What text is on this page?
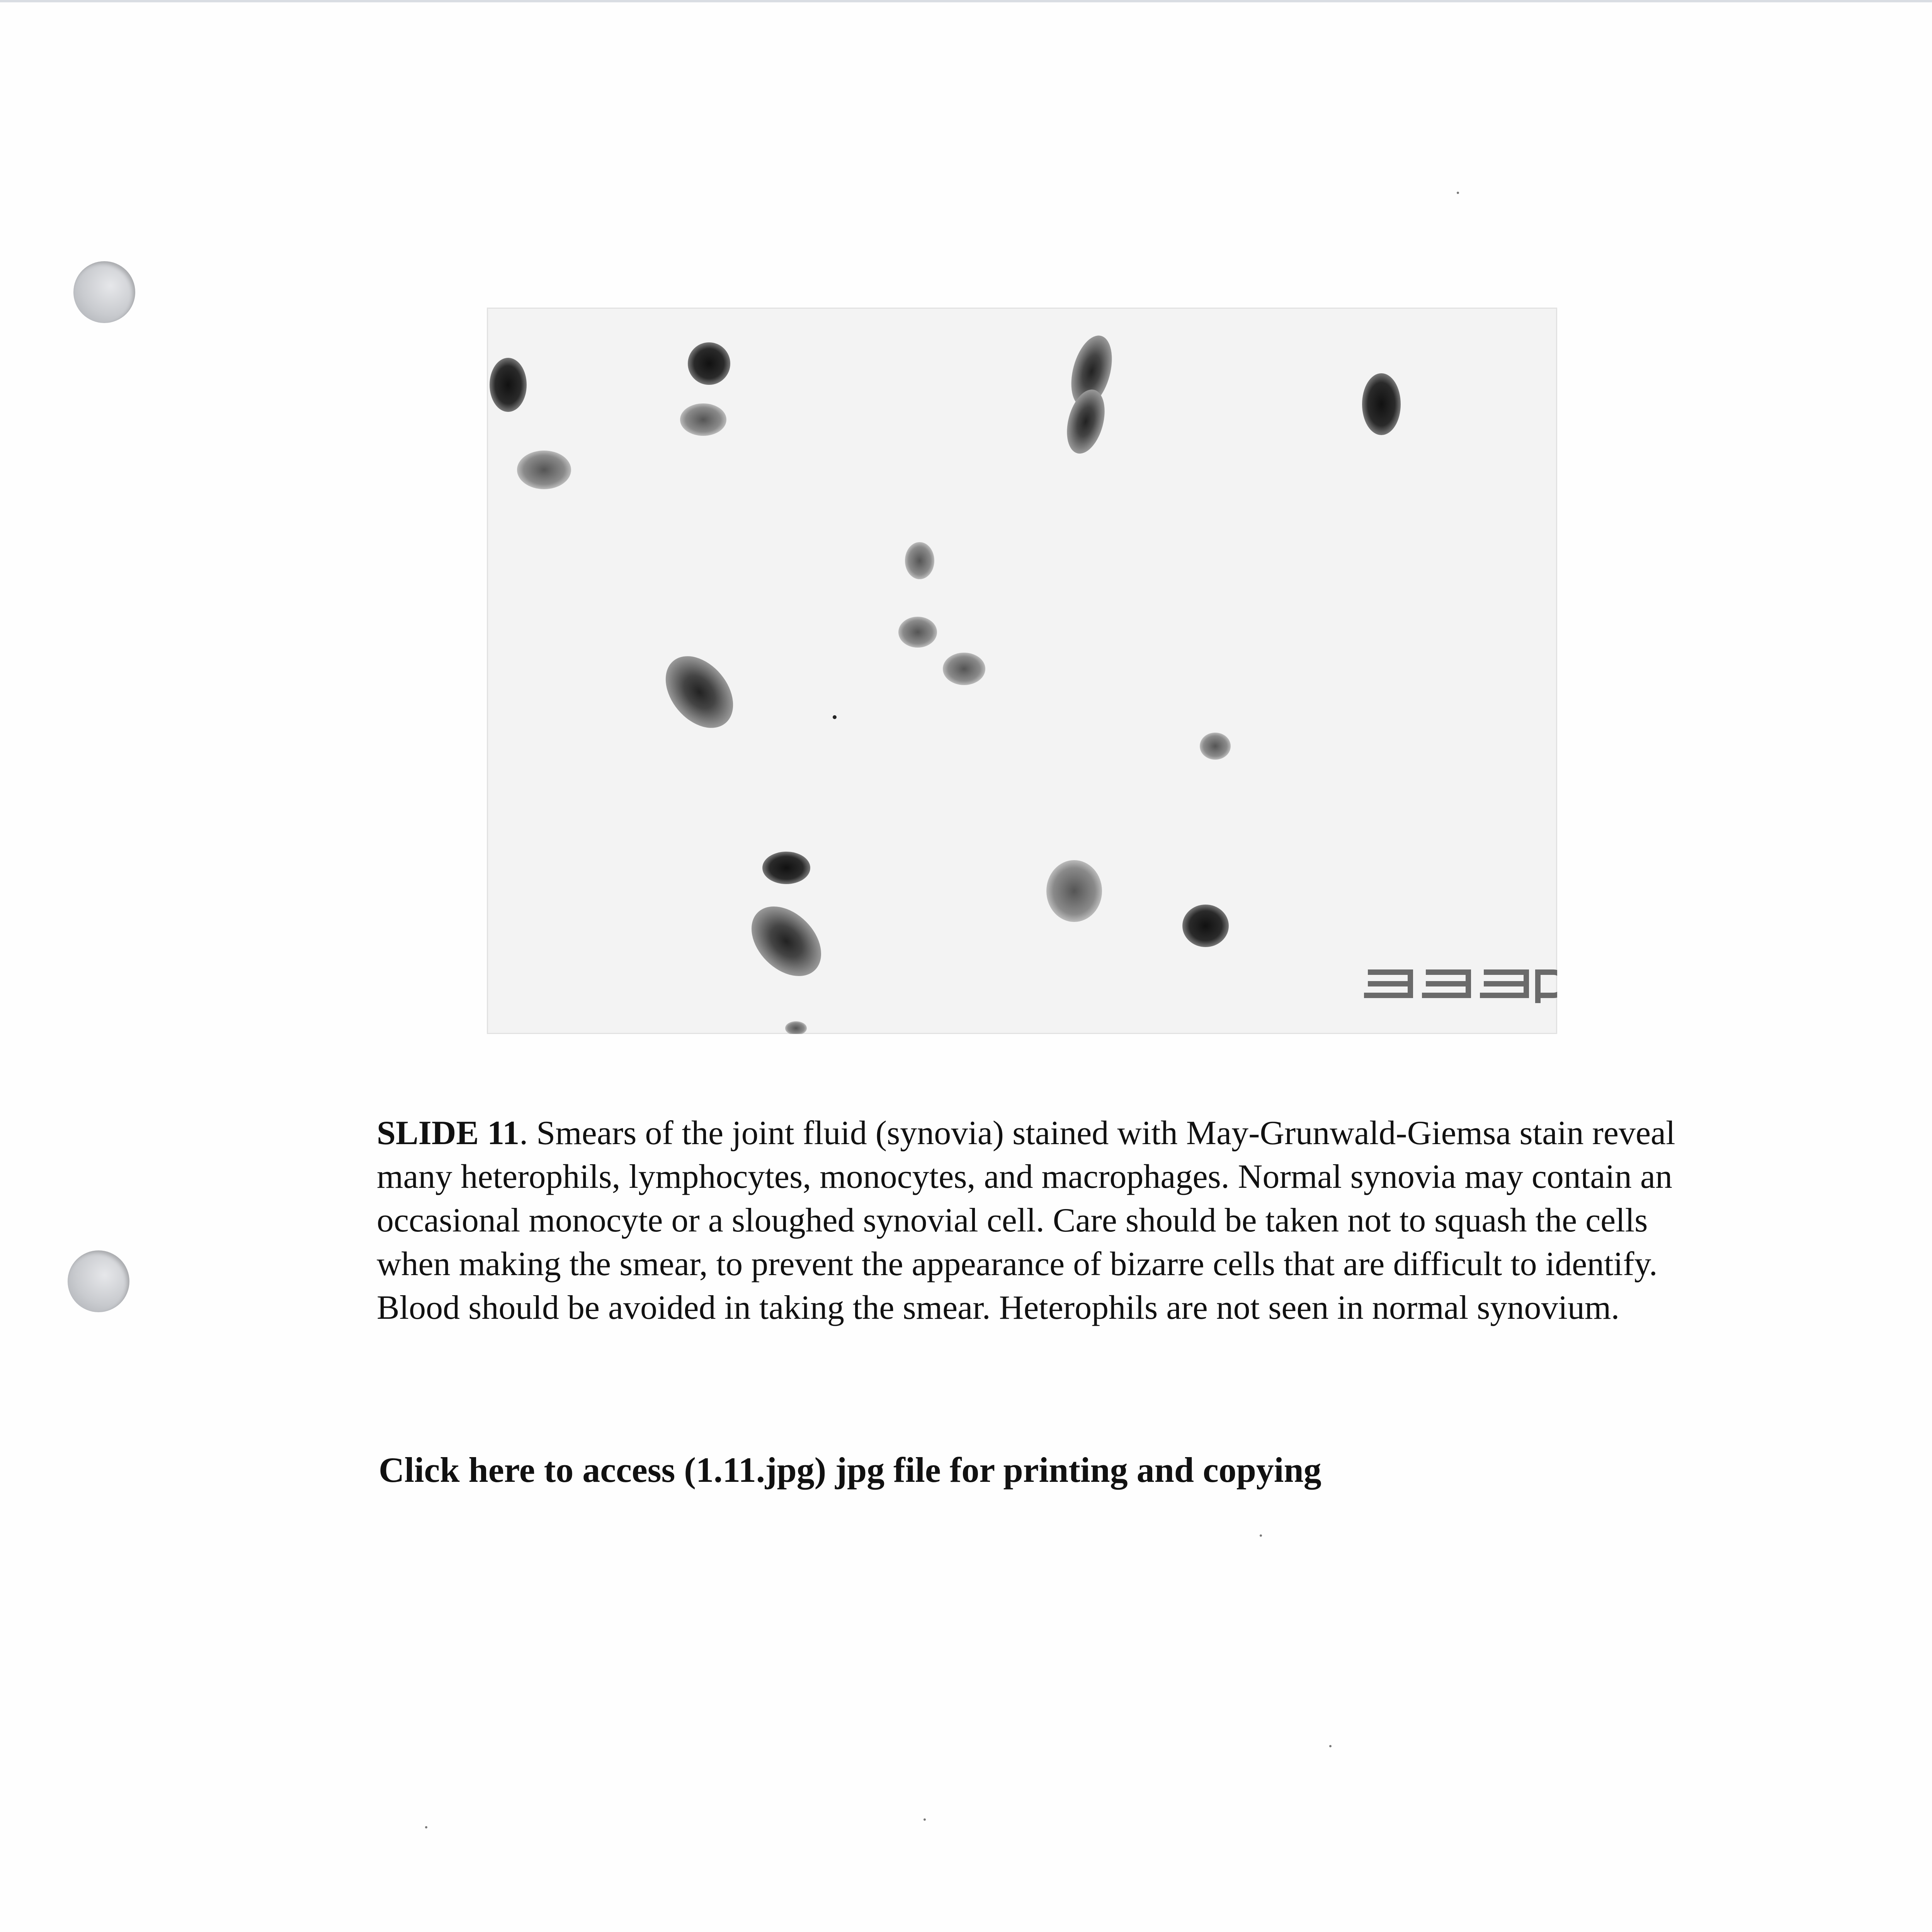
SLIDE 11. Smears of the joint fluid (synovia) stained with May-Grunwald-Giemsa stain reveal many heterophils, lymphocytes, monocytes, and macrophages. Normal synovia may contain an occasional monocyte or a sloughed synovial cell. Care should be taken not to squash the cells when making the smear, to prevent the appearance of bizarre cells that are difficult to identify. Blood should be avoided in taking the smear. Heterophils are not seen in normal synovium.
Click here to access (1.11.jpg) jpg file for printing and copying
